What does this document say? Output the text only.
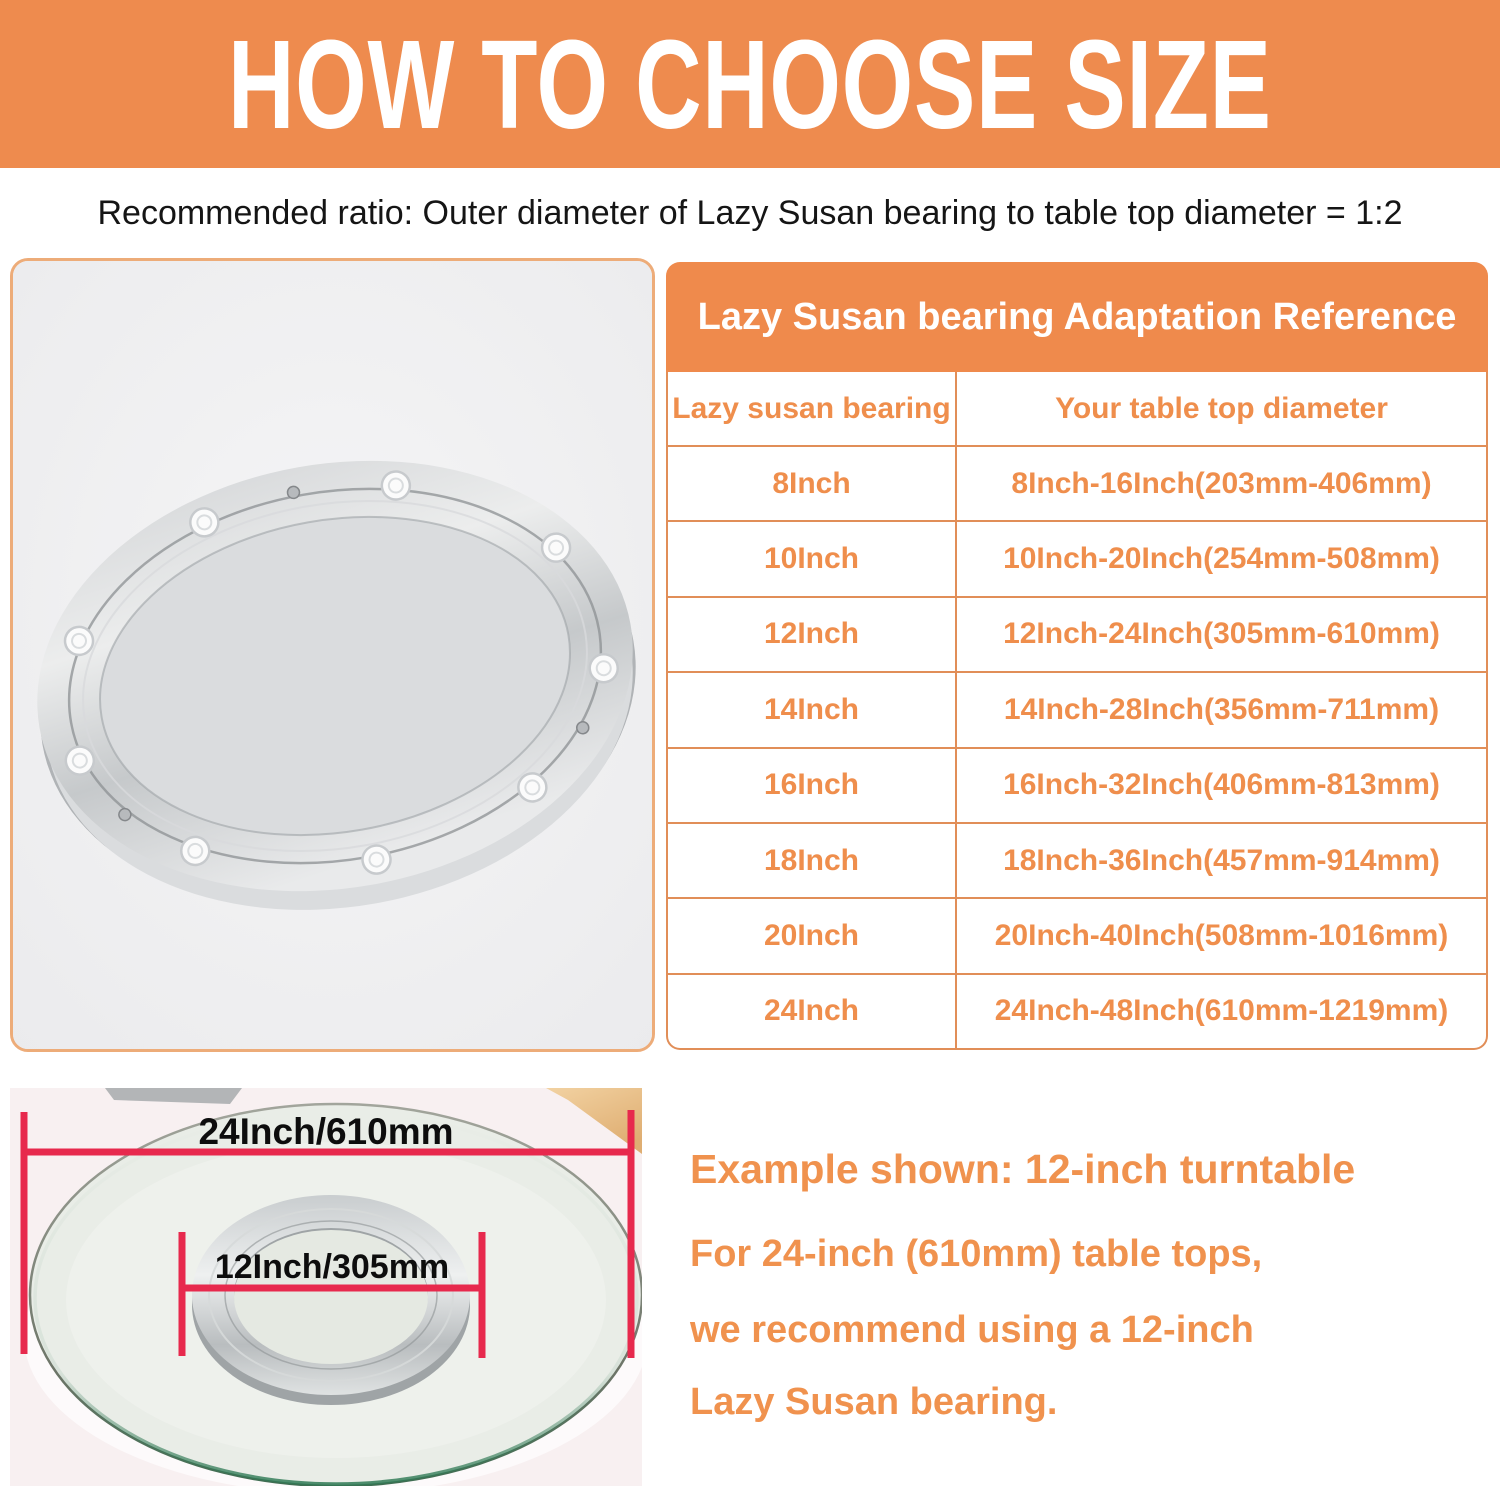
HOW TO CHOOSE SIZE
Recommended ratio: Outer diameter of Lazy Susan bearing to table top diameter = 1:2
Lazy Susan bearing Adaptation Reference
Lazy susan bearing	Your table top diameter
8Inch	8Inch-16Inch(203mm-406mm)
10Inch	10Inch-20Inch(254mm-508mm)
12Inch	12Inch-24Inch(305mm-610mm)
14Inch	14Inch-28Inch(356mm-711mm)
16Inch	16Inch-32Inch(406mm-813mm)
18Inch	18Inch-36Inch(457mm-914mm)
20Inch	20Inch-40Inch(508mm-1016mm)
24Inch	24Inch-48Inch(610mm-1219mm)
24Inch/610mm
12Inch/305mm
Example shown: 12-inch turntable

For 24-inch (610mm) table tops,

we recommend using a 12-inch

Lazy Susan bearing.
